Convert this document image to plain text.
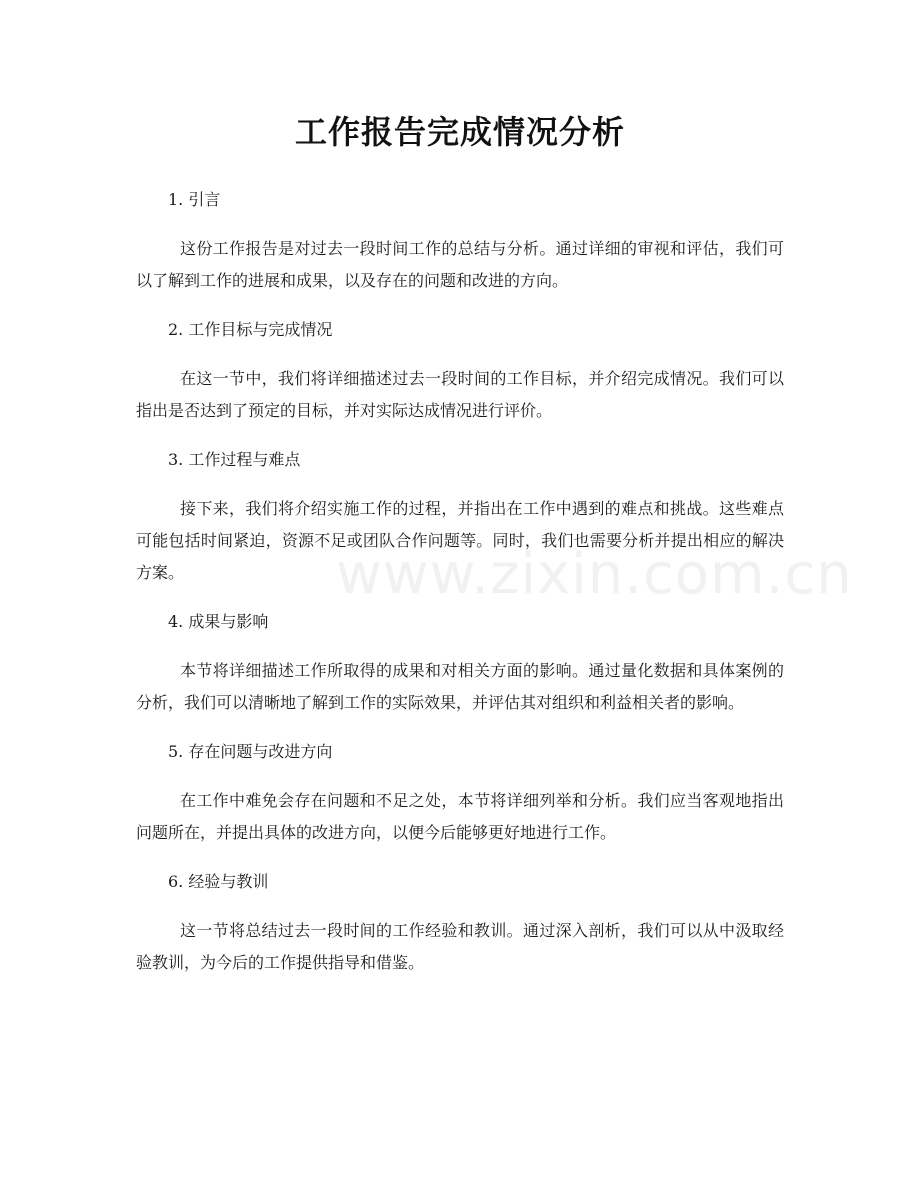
工作报告完成情况分析
www.zixin.com.cn
1. 引言

这份工作报告是对过去一段时间工作的总结与分析。通过详细的审视和评估，我们可以了解到工作的进展和成果，以及存在的问题和改进的方向。

2. 工作目标与完成情况

在这一节中，我们将详细描述过去一段时间的工作目标，并介绍完成情况。我们可以指出是否达到了预定的目标，并对实际达成情况进行评价。

3. 工作过程与难点

接下来，我们将介绍实施工作的过程，并指出在工作中遇到的难点和挑战。这些难点可能包括时间紧迫，资源不足或团队合作问题等。同时，我们也需要分析并提出相应的解决方案。

4. 成果与影响

本节将详细描述工作所取得的成果和对相关方面的影响。通过量化数据和具体案例的分析，我们可以清晰地了解到工作的实际效果，并评估其对组织和利益相关者的影响。

5. 存在问题与改进方向

在工作中难免会存在问题和不足之处，本节将详细列举和分析。我们应当客观地指出问题所在，并提出具体的改进方向，以便今后能够更好地进行工作。

6. 经验与教训

这一节将总结过去一段时间的工作经验和教训。通过深入剖析，我们可以从中汲取经验教训，为今后的工作提供指导和借鉴。
